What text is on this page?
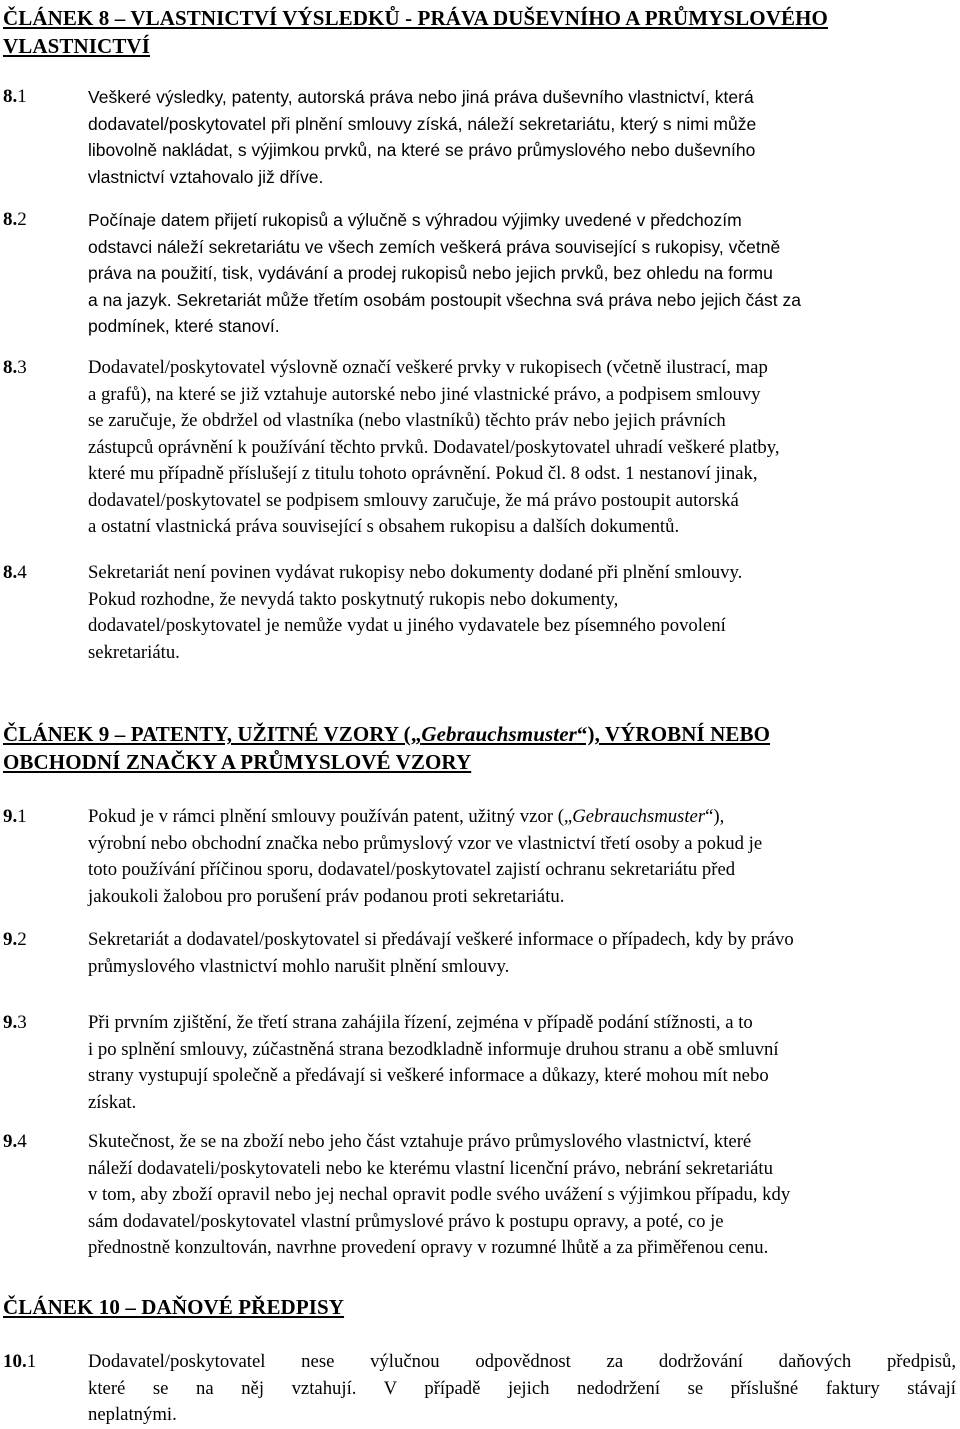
ČLÁNEK 8 – VLASTNICTVÍ VÝSLEDKŮ - PRÁVA DUŠEVNÍHO A PRŮMYSLOVÉHO
VLASTNICTVÍ
8.1	Veškeré výsledky, patenty, autorská práva nebo jiná práva duševního vlastnictví, která
dodavatel/poskytovatel při plnění smlouvy získá, náleží sekretariátu, který s nimi může
libovolně nakládat, s výjimkou prvků, na které se právo průmyslového nebo duševního
vlastnictví vztahovalo již dříve.
8.2	Počínaje datem přijetí rukopisů a výlučně s výhradou výjimky uvedené v předchozím
odstavci náleží sekretariátu ve všech zemích veškerá práva související s rukopisy, včetně
práva na použití, tisk, vydávání a prodej rukopisů nebo jejich prvků, bez ohledu na formu
a na jazyk. Sekretariát může třetím osobám postoupit všechna svá práva nebo jejich část za
podmínek, které stanoví.
8.3	Dodavatel/poskytovatel výslovně označí veškeré prvky v rukopisech (včetně ilustrací, map
a grafů), na které se již vztahuje autorské nebo jiné vlastnické právo, a podpisem smlouvy
se zaručuje, že obdržel od vlastníka (nebo vlastníků) těchto práv nebo jejich právních
zástupců oprávnění k používání těchto prvků. Dodavatel/poskytovatel uhradí veškeré platby,
které mu případně příslušejí z titulu tohoto oprávnění. Pokud čl. 8 odst. 1 nestanoví jinak,
dodavatel/poskytovatel se podpisem smlouvy zaručuje, že má právo postoupit autorská
a ostatní vlastnická práva související s obsahem rukopisu a dalších dokumentů.
8.4	Sekretariát není povinen vydávat rukopisy nebo dokumenty dodané při plnění smlouvy.
Pokud rozhodne, že nevydá takto poskytnutý rukopis nebo dokumenty,
dodavatel/poskytovatel je nemůže vydat u jiného vydavatele bez písemného povolení
sekretariátu.
ČLÁNEK 9 – PATENTY, UŽITNÉ VZORY („Gebrauchsmuster“), VÝROBNÍ NEBO
OBCHODNÍ ZNAČKY A PRŮMYSLOVÉ VZORY
9.1	Pokud je v rámci plnění smlouvy používán patent, užitný vzor („Gebrauchsmuster“),
výrobní nebo obchodní značka nebo průmyslový vzor ve vlastnictví třetí osoby a pokud je
toto používání příčinou sporu, dodavatel/poskytovatel zajistí ochranu sekretariátu před
jakoukoli žalobou pro porušení práv podanou proti sekretariátu.
9.2	Sekretariát a dodavatel/poskytovatel si předávají veškeré informace o případech, kdy by právo
průmyslového vlastnictví mohlo narušit plnění smlouvy.
9.3	Při prvním zjištění, že třetí strana zahájila řízení, zejména v případě podání stížnosti, a to
i po splnění smlouvy, zúčastněná strana bezodkladně informuje druhou stranu a obě smluvní
strany vystupují společně a předávají si veškeré informace a důkazy, které mohou mít nebo
získat.
9.4	Skutečnost, že se na zboží nebo jeho část vztahuje právo průmyslového vlastnictví, které
náleží dodavateli/poskytovateli nebo ke kterému vlastní licenční právo, nebrání sekretariátu
v tom, aby zboží opravil nebo jej nechal opravit podle svého uvážení s výjimkou případu, kdy
sám dodavatel/poskytovatel vlastní průmyslové právo k postupu opravy, a poté, co je
přednostně konzultován, navrhne provedení opravy v rozumné lhůtě a za přiměřenou cenu.
ČLÁNEK 10 – DAŇOVÉ PŘEDPISY
10.1	Dodavatel/poskytovatel nese výlučnou odpovědnost za dodržování daňových předpisů,
které se na něj vztahují. V případě jejich nedodržení se příslušné faktury stávají
neplatnými.
